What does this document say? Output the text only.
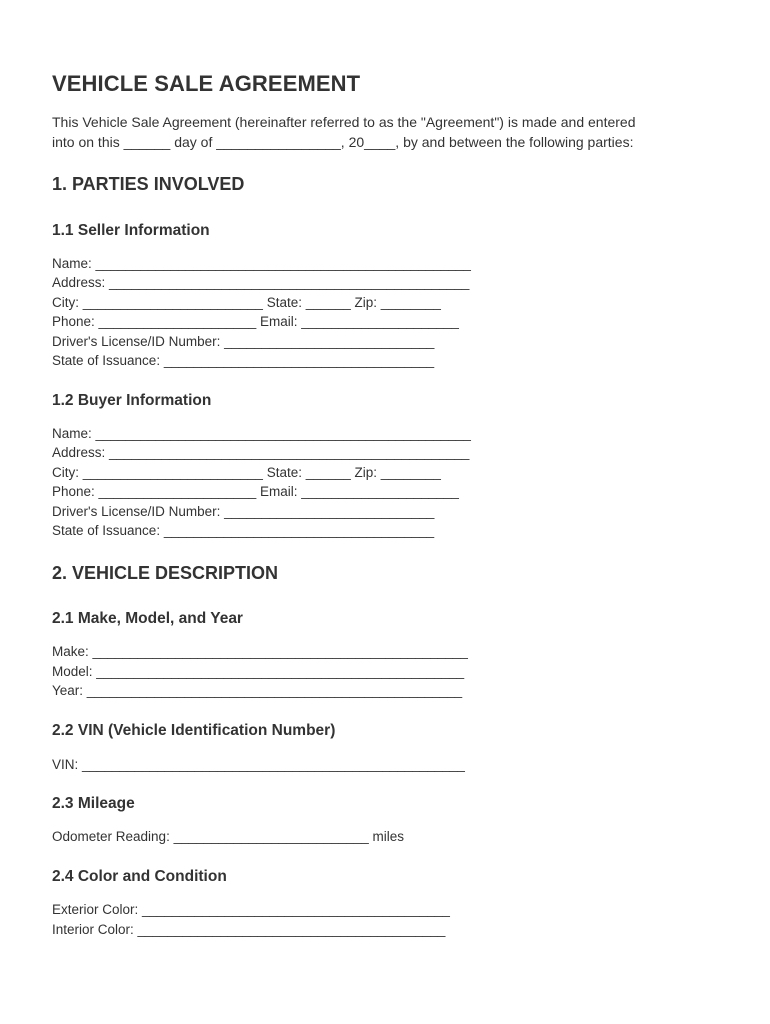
VEHICLE SALE AGREEMENT
This Vehicle Sale Agreement (hereinafter referred to as the "Agreement") is made and entered
into on this ______ day of ________________, 20____, by and between the following parties:
1. PARTIES INVOLVED
1.1 Seller Information
Name: __________________________________________________
Address: ________________________________________________
City: ________________________ State: ______ Zip: ________
Phone: _____________________ Email: _____________________
Driver's License/ID Number: ____________________________
State of Issuance: ____________________________________
1.2 Buyer Information
Name: __________________________________________________
Address: ________________________________________________
City: ________________________ State: ______ Zip: ________
Phone: _____________________ Email: _____________________
Driver's License/ID Number: ____________________________
State of Issuance: ____________________________________
2. VEHICLE DESCRIPTION
2.1 Make, Model, and Year
Make: __________________________________________________
Model: _________________________________________________
Year: __________________________________________________
2.2 VIN (Vehicle Identification Number)
VIN: ___________________________________________________
2.3 Mileage
Odometer Reading: __________________________ miles
2.4 Color and Condition
Exterior Color: _________________________________________
Interior Color: _________________________________________
